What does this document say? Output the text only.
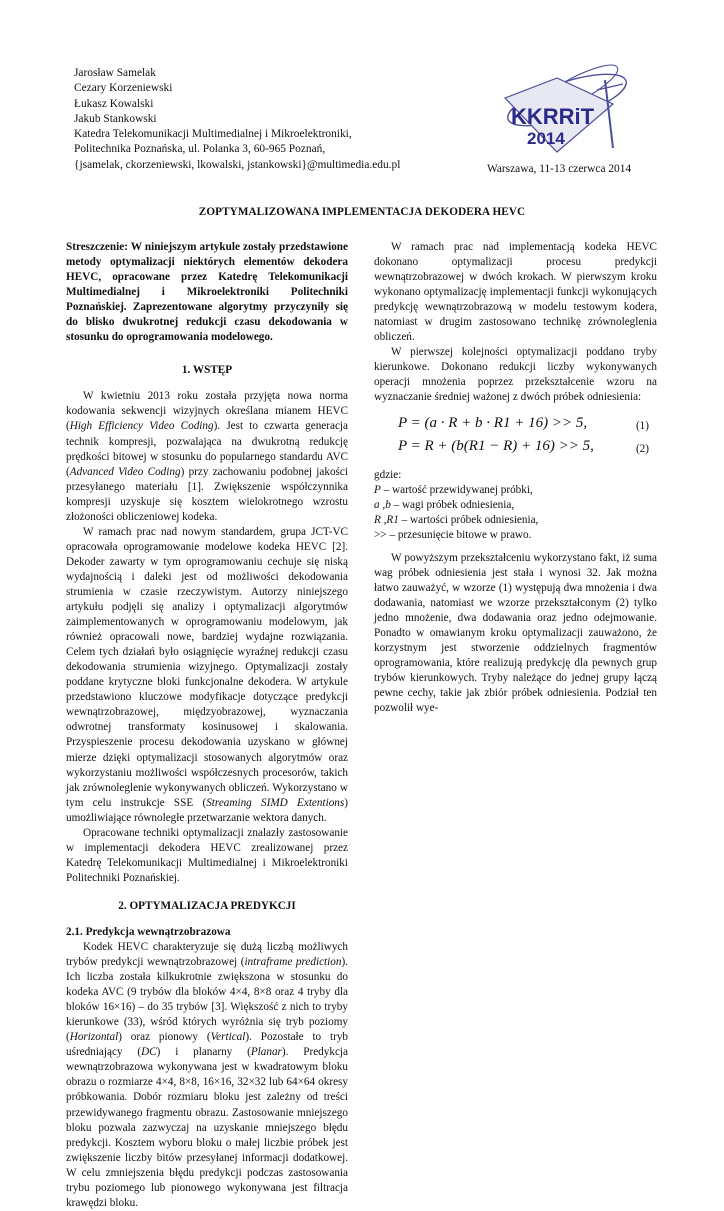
Jarosław Samelak
Cezary Korzeniewski
Łukasz Kowalski
Jakub Stankowski
Katedra Telekomunikacji Multimedialnej i Mikroelektroniki,
Politechnika Poznańska, ul. Polanka 3, 60-965 Poznań,
{jsamelak, ckorzeniewski, lkowalski, jstankowski}@multimedia.edu.pl
KKRRiT
2014
Warszawa, 11-13 czerwca 2014
ZOPTYMALIZOWANA IMPLEMENTACJA DEKODERA HEVC

Streszczenie: W niniejszym artykule zostały przedstawione metody optymalizacji niektórych elementów dekodera HEVC, opracowane przez Katedrę Telekomunikacji Multimedialnej i Mikroelektroniki Politechniki Poznańskiej. Zaprezentowane algorytmy przyczyniły się do blisko dwukrotnej redukcji czasu dekodowania w stosunku do oprogramowania modelowego.

1. WSTĘP

W kwietniu 2013 roku została przyjęta nowa norma kodowania sekwencji wizyjnych określana mianem HEVC (High Efficiency Video Coding). Jest to czwarta generacja technik kompresji, pozwalająca na dwukrotną redukcję prędkości bitowej w stosunku do popularnego standardu AVC (Advanced Video Coding) przy zachowaniu podobnej jakości przesyłanego materiału [1]. Zwiększenie współczynnika kompresji uzyskuje się kosztem wielokrotnego wzrostu złożoności obliczeniowej kodeka.

W ramach prac nad nowym standardem, grupa JCT-VC opracowała oprogramowanie modelowe kodeka HEVC [2]. Dekoder zawarty w tym oprogramowaniu cechuje się niską wydajnością i daleki jest od możliwości dekodowania strumienia w czasie rzeczywistym. Autorzy niniejszego artykułu podjęli się analizy i optymalizacji algorytmów zaimplementowanych w oprogramowaniu modelowym, jak również opracowali nowe, bardziej wydajne rozwiązania. Celem tych działań było osiągnięcie wyraźnej redukcji czasu dekodowania strumienia wizyjnego. Optymalizacji zostały poddane krytyczne bloki funkcjonalne dekodera. W artykule przedstawiono kluczowe modyfikacje dotyczące predykcji wewnątrzobrazowej, międzyobrazowej, wyznaczania odwrotnej transformaty kosinusowej i skalowania. Przyspieszenie procesu dekodowania uzyskano w głównej mierze dzięki optymalizacji stosowanych algorytmów oraz wykorzystaniu możliwości współczesnych procesorów, takich jak zrównoleglenie wykonywanych obliczeń. Wykorzystano w tym celu instrukcje SSE (Streaming SIMD Extentions) umożliwiające równoległe przetwarzanie wektora danych.

Opracowane techniki optymalizacji znalazły zastosowanie w implementacji dekodera HEVC zrealizowanej przez Katedrę Telekomunikacji Multimedialnej i Mikroelektroniki Politechniki Poznańskiej.

2. OPTYMALIZACJA PREDYKCJI

2.1. Predykcja wewnątrzobrazowa

Kodek HEVC charakteryzuje się dużą liczbą możliwych trybów predykcji wewnątrzobrazowej (intraframe prediction). Ich liczba została kilkukrotnie zwiększona w stosunku do kodeka AVC (9 trybów dla bloków 4×4, 8×8 oraz 4 tryby dla bloków 16×16) – do 35 trybów [3]. Większość z nich to tryby kierunkowe (33), wśród których wyróżnia się tryb poziomy (Horizontal) oraz pionowy (Vertical). Pozostałe to tryb uśredniający (DC) i planarny (Planar). Predykcja wewnątrzobrazowa wykonywana jest w kwadratowym bloku obrazu o rozmiarze 4×4, 8×8, 16×16, 32×32 lub 64×64 okresy próbkowania. Dobór rozmiaru bloku jest zależny od treści przewidywanego fragmentu obrazu. Zastosowanie mniejszego bloku pozwala zazwyczaj na uzyskanie mniejszego błędu predykcji. Kosztem wyboru bloku o małej liczbie próbek jest zwiększenie liczby bitów przesyłanej informacji dodatkowej. W celu zmniejszenia błędu predykcji podczas zastosowania trybu poziomego lub pionowego wykonywana jest filtracja krawędzi bloku.

W ramach prac nad implementacją kodeka HEVC dokonano optymalizacji procesu predykcji wewnątrzobrazowej w dwóch krokach. W pierwszym kroku wykonano optymalizację implementacji funkcji wykonujących predykcję wewnątrzobrazową w modelu testowym kodera, natomiast w drugim zastosowano technikę zrównoleglenia obliczeń.

W pierwszej kolejności optymalizacji poddano tryby kierunkowe. Dokonano redukcji liczby wykonywanych operacji mnożenia poprzez przekształcenie wzoru na wyznaczanie średniej ważonej z dwóch próbek odniesienia:

P = (a · R + b · R1 + 16) >> 5,	(1)
P = R + (b(R1 − R) + 16) >> 5,	(2)

gdzie:
P – wartość przewidywanej próbki,
a ,b – wagi próbek odniesienia,
R ,R1 – wartości próbek odniesienia,
>> – przesunięcie bitowe w prawo.

W powyższym przekształceniu wykorzystano fakt, iż suma wag próbek odniesienia jest stała i wynosi 32. Jak można łatwo zauważyć, w wzorze (1) występują dwa mnożenia i dwa dodawania, natomiast we wzorze przekształconym (2) tylko jedno mnożenie, dwa dodawania oraz jedno odejmowanie. Ponadto w omawianym kroku optymalizacji zauważono, że korzystnym jest stworzenie oddzielnych fragmentów oprogramowania, które realizują predykcję dla pewnych grup trybów kierunkowych. Tryby należące do jednej grupy łączą pewne cechy, takie jak zbiór próbek odniesienia. Podział ten pozwolił wye-
